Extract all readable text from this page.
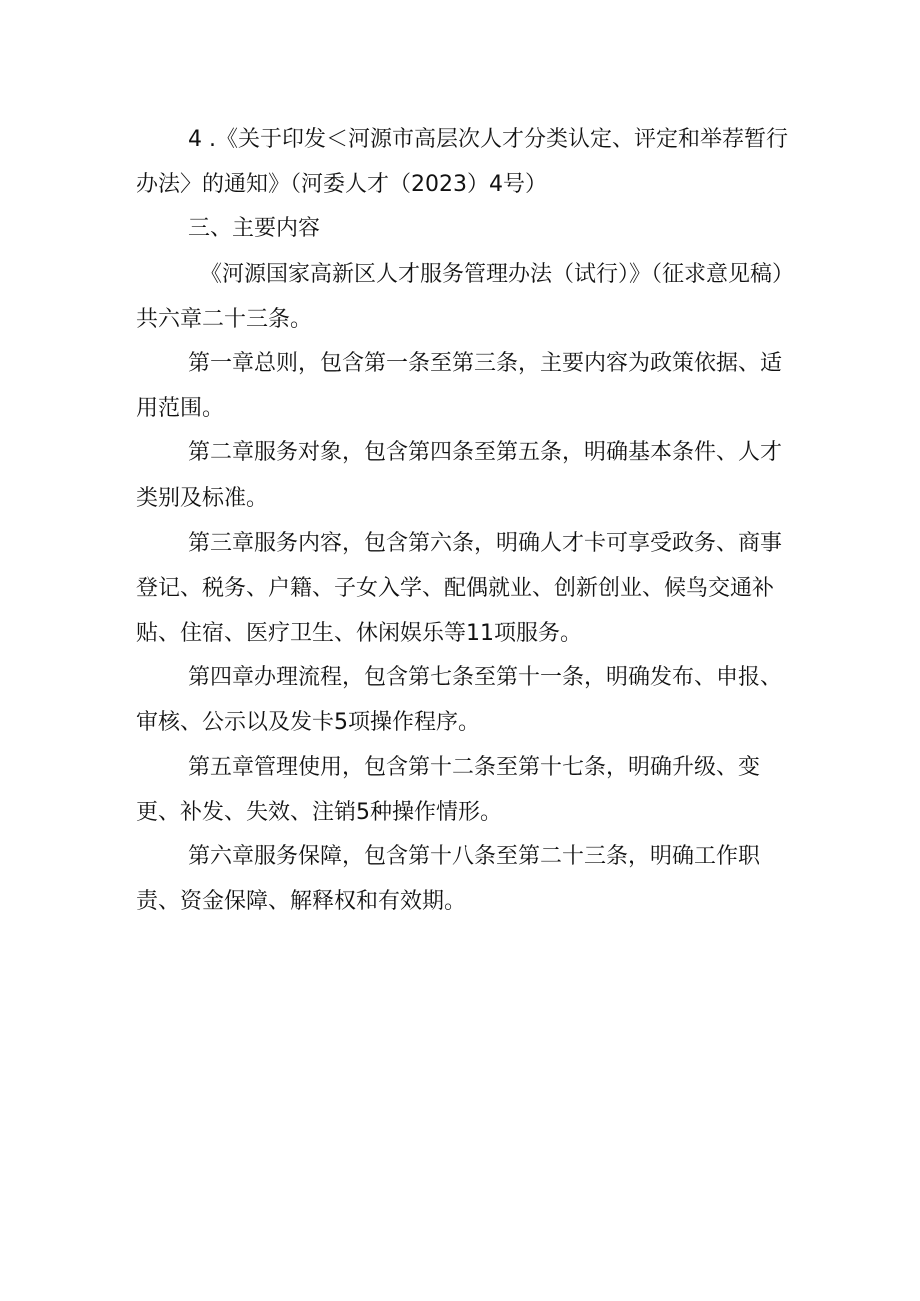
4 .《关于印发＜河源市高层次人才分类认定、评定和举荐暂行
办法〉的通知》（河委人才（2023）4号）
三、主要内容
《河源国家高新区人才服务管理办法（试行）》（征求意见稿）
共六章二十三条。
第一章总则，包含第一条至第三条，主要内容为政策依据、适
用范围。
第二章服务对象，包含第四条至第五条，明确基本条件、人才
类别及标准。
第三章服务内容，包含第六条，明确人才卡可享受政务、商事
登记、税务、户籍、子女入学、配偶就业、创新创业、候鸟交通补
贴、住宿、医疗卫生、休闲娱乐等11项服务。
第四章办理流程，包含第七条至第十一条，明确发布、申报、
审核、公示以及发卡5项操作程序。
第五章管理使用，包含第十二条至第十七条，明确升级、变
更、补发、失效、注销5种操作情形。
第六章服务保障，包含第十八条至第二十三条，明确工作职
责、资金保障、解释权和有效期。
